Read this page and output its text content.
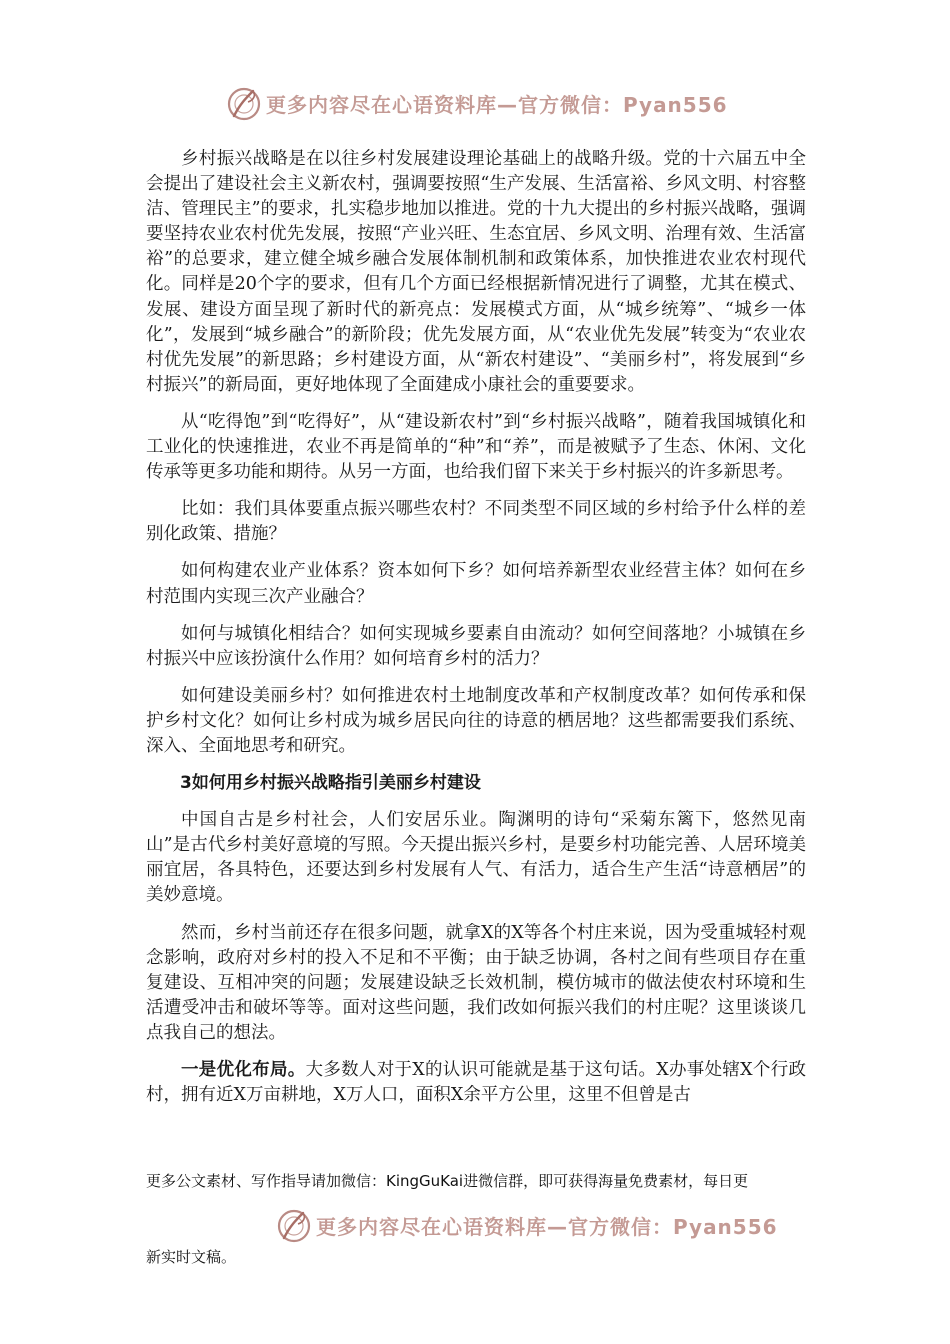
更多内容尽在心语资料库—官方微信：Pyan556

乡村振兴战略是在以往乡村发展建设理论基础上的战略升级。党的十六届五中全会提出了建设社会主义新农村，强调要按照“生产发展、生活富裕、乡风文明、村容整洁、管理民主”的要求，扎实稳步地加以推进。党的十九大提出的乡村振兴战略，强调要坚持农业农村优先发展，按照“产业兴旺、生态宜居、乡风文明、治理有效、生活富裕”的总要求，建立健全城乡融合发展体制机制和政策体系，加快推进农业农村现代化。同样是20个字的要求，但有几个方面已经根据新情况进行了调整，尤其在模式、发展、建设方面呈现了新时代的新亮点：发展模式方面，从“城乡统筹”、“城乡一体化”，发展到“城乡融合”的新阶段；优先发展方面，从“农业优先发展”转变为“农业农村优先发展”的新思路；乡村建设方面，从“新农村建设”、“美丽乡村”，将发展到“乡村振兴”的新局面，更好地体现了全面建成小康社会的重要要求。

从“吃得饱”到“吃得好”，从“建设新农村”到“乡村振兴战略”，随着我国城镇化和工业化的快速推进，农业不再是简单的“种”和“养”，而是被赋予了生态、休闲、文化传承等更多功能和期待。从另一方面，也给我们留下来关于乡村振兴的许多新思考。

比如：我们具体要重点振兴哪些农村？不同类型不同区域的乡村给予什么样的差别化政策、措施？

如何构建农业产业体系？资本如何下乡？如何培养新型农业经营主体？如何在乡村范围内实现三次产业融合？

如何与城镇化相结合？如何实现城乡要素自由流动？如何空间落地？小城镇在乡村振兴中应该扮演什么作用？如何培育乡村的活力？

如何建设美丽乡村？如何推进农村土地制度改革和产权制度改革？如何传承和保护乡村文化？如何让乡村成为城乡居民向往的诗意的栖居地？这些都需要我们系统、深入、全面地思考和研究。

3如何用乡村振兴战略指引美丽乡村建设

中国自古是乡村社会，人们安居乐业。陶渊明的诗句“采菊东篱下，悠然见南山”是古代乡村美好意境的写照。今天提出振兴乡村，是要乡村功能完善、人居环境美丽宜居，各具特色，还要达到乡村发展有人气、有活力，适合生产生活“诗意栖居”的美妙意境。

然而，乡村当前还存在很多问题，就拿X的X等各个村庄来说，因为受重城轻村观念影响，政府对乡村的投入不足和不平衡；由于缺乏协调，各村之间有些项目存在重复建设、互相冲突的问题；发展建设缺乏长效机制，模仿城市的做法使农村环境和生活遭受冲击和破坏等等。面对这些问题，我们改如何振兴我们的村庄呢？这里谈谈几点我自己的想法。

一是优化布局。大多数人对于X的认识可能就是基于这句话。X办事处辖X个行政村，拥有近X万亩耕地，X万人口，面积X余平方公里，这里不但曾是古

更多公文素材、写作指导请加微信：KingGuKai进微信群，即可获得海量免费素材，每日更
更多内容尽在心语资料库—官方微信：Pyan556
新实时文稿。
